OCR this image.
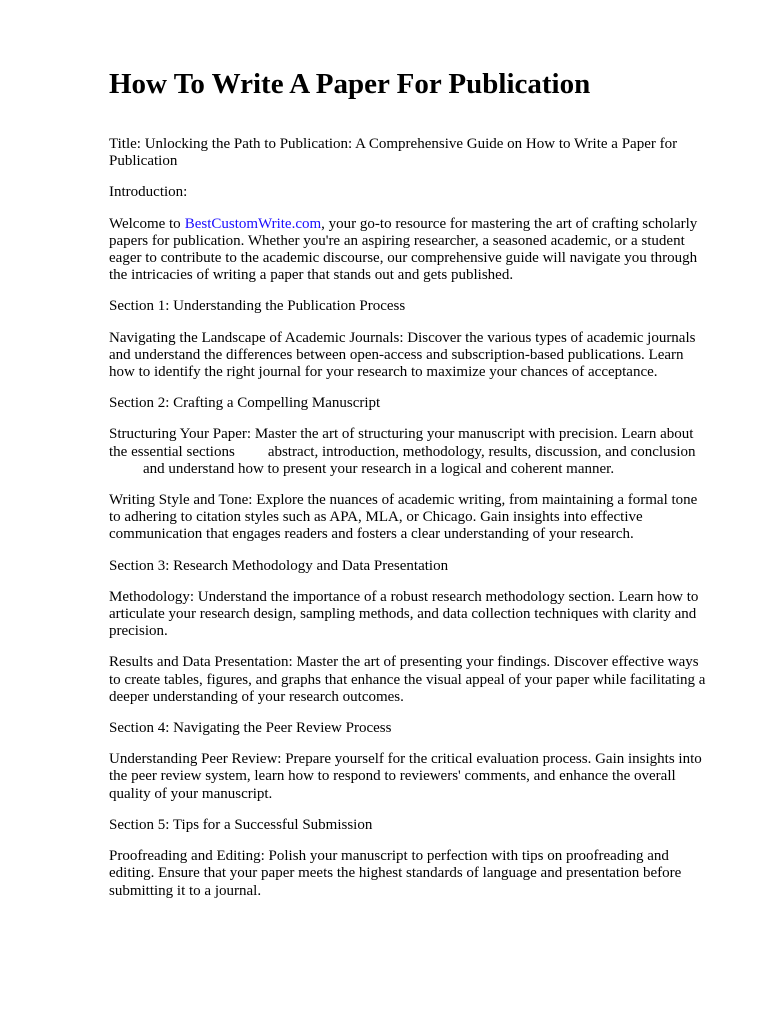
How To Write A Paper For Publication

Title: Unlocking the Path to Publication: A Comprehensive Guide on How to Write a Paper for Publication

Introduction:

Welcome to BestCustomWrite.com, your go-to resource for mastering the art of crafting scholarly papers for publication. Whether you're an aspiring researcher, a seasoned academic, or a student eager to contribute to the academic discourse, our comprehensive guide will navigate you through the intricacies of writing a paper that stands out and gets published.

Section 1: Understanding the Publication Process

Navigating the Landscape of Academic Journals: Discover the various types of academic journals and understand the differences between open-access and subscription-based publications. Learn how to identify the right journal for your research to maximize your chances of acceptance.

Section 2: Crafting a Compelling Manuscript

Structuring Your Paper: Master the art of structuring your manuscript with precision. Learn about the essential sections abstract, introduction, methodology, results, discussion, and conclusionand understand how to present your research in a logical and coherent manner.

Writing Style and Tone: Explore the nuances of academic writing, from maintaining a formal tone to adhering to citation styles such as APA, MLA, or Chicago. Gain insights into effective communication that engages readers and fosters a clear understanding of your research.

Section 3: Research Methodology and Data Presentation

Methodology: Understand the importance of a robust research methodology section. Learn how to articulate your research design, sampling methods, and data collection techniques with clarity and precision.

Results and Data Presentation: Master the art of presenting your findings. Discover effective ways to create tables, figures, and graphs that enhance the visual appeal of your paper while facilitating a deeper understanding of your research outcomes.

Section 4: Navigating the Peer Review Process

Understanding Peer Review: Prepare yourself for the critical evaluation process. Gain insights into the peer review system, learn how to respond to reviewers' comments, and enhance the overall quality of your manuscript.

Section 5: Tips for a Successful Submission

Proofreading and Editing: Polish your manuscript to perfection with tips on proofreading and editing. Ensure that your paper meets the highest standards of language and presentation before submitting it to a journal.
